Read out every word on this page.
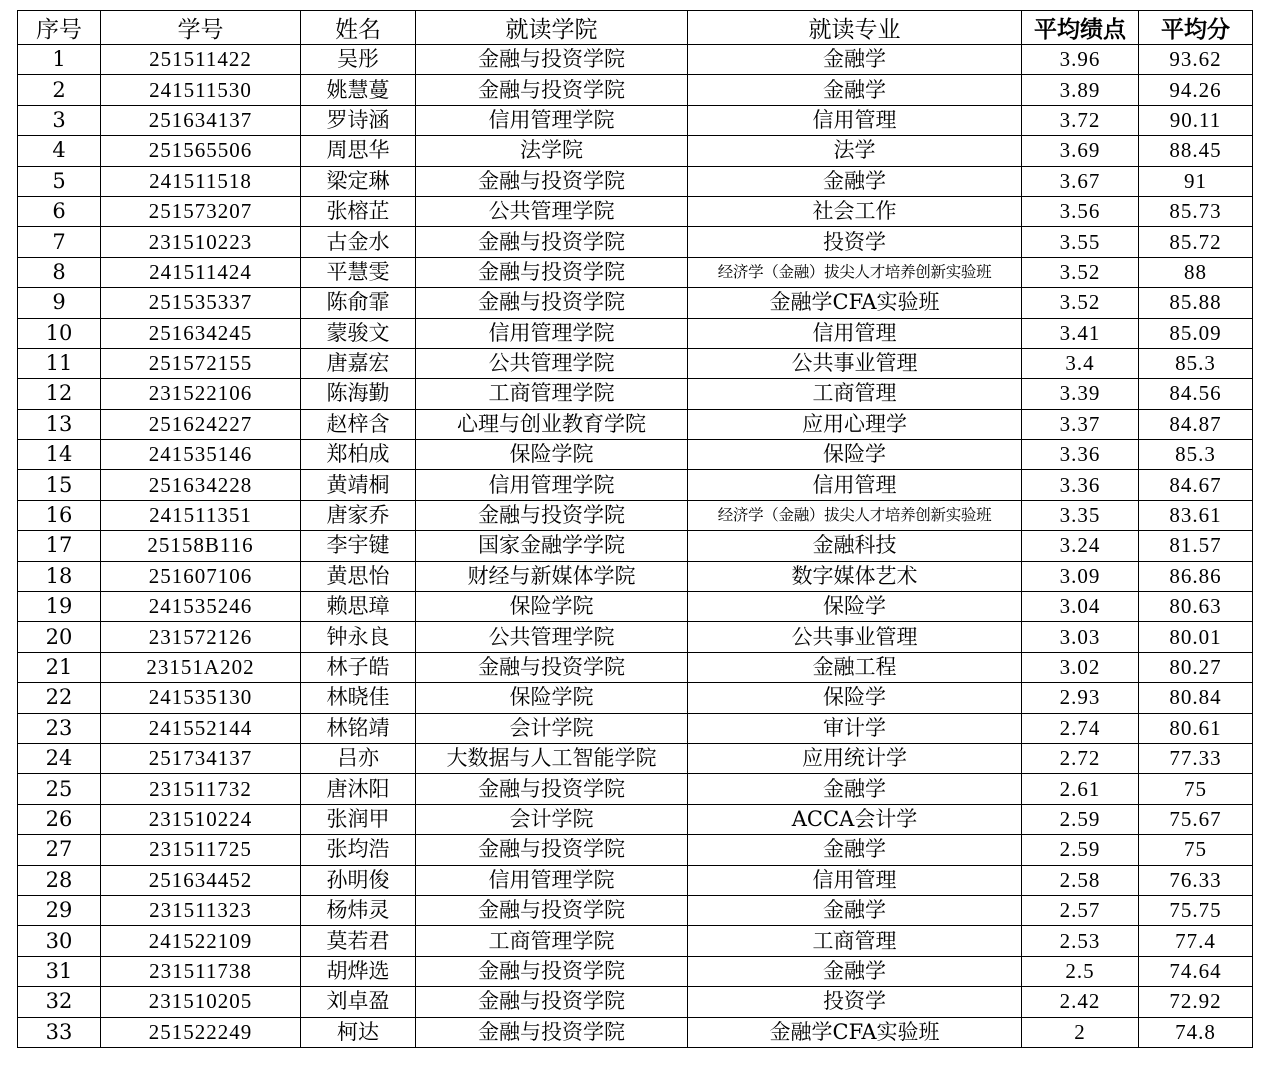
序号	学号	姓名	就读学院	就读专业	平均绩点	平均分
1	251511422	吴彤	金融与投资学院	金融学	3.96	93.62
2	241511530	姚慧蔓	金融与投资学院	金融学	3.89	94.26
3	251634137	罗诗涵	信用管理学院	信用管理	3.72	90.11
4	251565506	周思华	法学院	法学	3.69	88.45
5	241511518	梁定琳	金融与投资学院	金融学	3.67	91
6	251573207	张榕芷	公共管理学院	社会工作	3.56	85.73
7	231510223	古金水	金融与投资学院	投资学	3.55	85.72
8	241511424	平慧雯	金融与投资学院	经济学（金融）拔尖人才培养创新实验班	3.52	88
9	251535337	陈俞霏	金融与投资学院	金融学CFA实验班	3.52	85.88
10	251634245	蒙骏文	信用管理学院	信用管理	3.41	85.09
11	251572155	唐嘉宏	公共管理学院	公共事业管理	3.4	85.3
12	231522106	陈海勤	工商管理学院	工商管理	3.39	84.56
13	251624227	赵梓含	心理与创业教育学院	应用心理学	3.37	84.87
14	241535146	郑柏成	保险学院	保险学	3.36	85.3
15	251634228	黄靖桐	信用管理学院	信用管理	3.36	84.67
16	241511351	唐家乔	金融与投资学院	经济学（金融）拔尖人才培养创新实验班	3.35	83.61
17	25158B116	李宇键	国家金融学学院	金融科技	3.24	81.57
18	251607106	黄思怡	财经与新媒体学院	数字媒体艺术	3.09	86.86
19	241535246	赖思璋	保险学院	保险学	3.04	80.63
20	231572126	钟永良	公共管理学院	公共事业管理	3.03	80.01
21	23151A202	林子皓	金融与投资学院	金融工程	3.02	80.27
22	241535130	林晓佳	保险学院	保险学	2.93	80.84
23	241552144	林铭靖	会计学院	审计学	2.74	80.61
24	251734137	吕亦	大数据与人工智能学院	应用统计学	2.72	77.33
25	231511732	唐沐阳	金融与投资学院	金融学	2.61	75
26	231510224	张润甲	会计学院	ACCA会计学	2.59	75.67
27	231511725	张均浩	金融与投资学院	金融学	2.59	75
28	251634452	孙明俊	信用管理学院	信用管理	2.58	76.33
29	231511323	杨炜灵	金融与投资学院	金融学	2.57	75.75
30	241522109	莫若君	工商管理学院	工商管理	2.53	77.4
31	231511738	胡烨选	金融与投资学院	金融学	2.5	74.64
32	231510205	刘卓盈	金融与投资学院	投资学	2.42	72.92
33	251522249	柯达	金融与投资学院	金融学CFA实验班	2	74.8
